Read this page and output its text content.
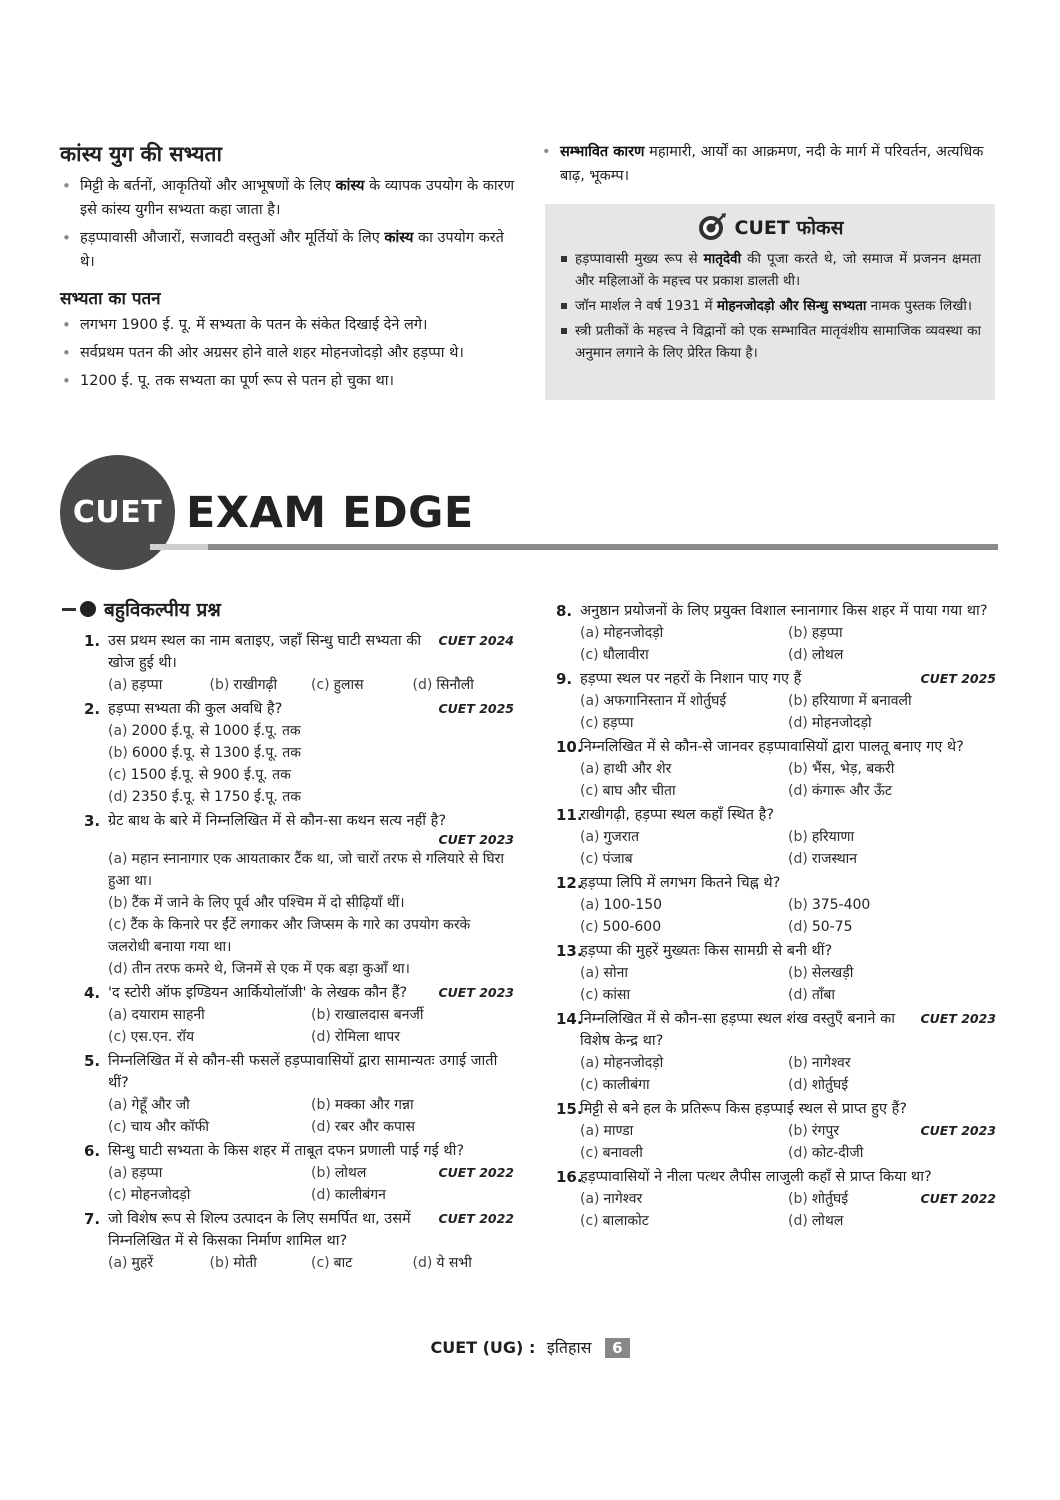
कांस्य युग की सभ्यता
• मिट्टी के बर्तनों, आकृतियों और आभूषणों के लिए कांस्य के व्यापक उपयोग के कारण इसे कांस्य युगीन सभ्यता कहा जाता है।
• हड़प्पावासी औजारों, सजावटी वस्तुओं और मूर्तियों के लिए कांस्य का उपयोग करते थे।
सभ्यता का पतन
• लगभग 1900 ई. पू. में सभ्यता के पतन के संकेत दिखाई देने लगे।
• सर्वप्रथम पतन की ओर अग्रसर होने वाले शहर मोहनजोदड़ो और हड़प्पा थे।
• 1200 ई. पू. तक सभ्यता का पूर्ण रूप से पतन हो चुका था।
• सम्भावित कारण महामारी, आर्यों का आक्रमण, नदी के मार्ग में परिवर्तन, अत्यधिक बाढ़, भूकम्प।
CUET फोकस
हड़प्पावासी मुख्य रूप से मातृदेवी की पूजा करते थे, जो समाज में प्रजनन क्षमता और महिलाओं के महत्त्व पर प्रकाश डालती थी।
जॉन मार्शल ने वर्ष 1931 में मोहनजोदड़ो और सिन्धु सभ्यता नामक पुस्तक लिखी।
स्त्री प्रतीकों के महत्त्व ने विद्वानों को एक सम्भावित मातृवंशीय सामाजिक व्यवस्था का अनुमान लगाने के लिए प्रेरित किया है।
CUET EXAM EDGE
बहुविकल्पीय प्रश्न
1.	CUET 2024
उस प्रथम स्थल का नाम बताइए, जहाँ सिन्धु घाटी सभ्यता की खोज हुई थी।
(a) हड़प्पा	(b) राखीगढ़ी	(c) हुलास	(d) सिनौली
2.	CUET 2025
हड़प्पा सभ्यता की कुल अवधि है?
(a) 2000 ई.पू. से 1000 ई.पू. तक
(b) 6000 ई.पू. से 1300 ई.पू. तक
(c) 1500 ई.पू. से 900 ई.पू. तक
(d) 2350 ई.पू. से 1750 ई.पू. तक
3. ग्रेट बाथ के बारे में निम्नलिखित में से कौन-सा कथन सत्य नहीं है?
CUET 2023
(a) महान स्नानागार एक आयताकार टैंक था, जो चारों तरफ से गलियारे से घिरा हुआ था।
(b) टैंक में जाने के लिए पूर्व और पश्चिम में दो सीढ़ियाँ थीं।
(c) टैंक के किनारे पर ईंटें लगाकर और जिप्सम के गारे का उपयोग करके जलरोधी बनाया गया था।
(d) तीन तरफ कमरे थे, जिनमें से एक में एक बड़ा कुआँ था।
4.	CUET 2023
'द स्टोरी ऑफ इण्डियन आर्कियोलॉजी' के लेखक कौन हैं?
(a) दयाराम साहनी	(b) राखालदास बनर्जी
(c) एस.एन. रॉय	(d) रोमिला थापर
5. निम्नलिखित में से कौन-सी फसलें हड़प्पावासियों द्वारा सामान्यतः उगाई जाती थीं?
(a) गेहूँ और जौ	(b) मक्का और गन्ना
(c) चाय और कॉफी	(d) रबर और कपास
6. सिन्धु घाटी सभ्यता के किस शहर में ताबूत दफन प्रणाली पाई गई थी?
(a) हड़प्पा	(b) लोथल	CUET 2022
(c) मोहनजोदड़ो	(d) कालीबंगन
7.	CUET 2022
जो विशेष रूप से शिल्प उत्पादन के लिए समर्पित था, उसमें निम्नलिखित में से किसका निर्माण शामिल था?
(a) मुहरें	(b) मोती	(c) बाट	(d) ये सभी
8. अनुष्ठान प्रयोजनों के लिए प्रयुक्त विशाल स्नानागार किस शहर में पाया गया था?
(a) मोहनजोदड़ो	(b) हड़प्पा
(c) धौलावीरा	(d) लोथल
9.	CUET 2025
हड़प्पा स्थल पर नहरों के निशान पाए गए हैं
(a) अफगानिस्तान में शोर्तुघई	(b) हरियाणा में बनावली
(c) हड़प्पा	(d) मोहनजोदड़ो
10.
निम्नलिखित में से कौन-से जानवर हड़प्पावासियों द्वारा पालतू बनाए गए थे?
(a) हाथी और शेर	(b) भैंस, भेड़, बकरी
(c) बाघ और चीता	(d) कंगारू और ऊँट
11.
राखीगढ़ी, हड़प्पा स्थल कहाँ स्थित है?
(a) गुजरात	(b) हरियाणा
(c) पंजाब	(d) राजस्थान
12.
हड़प्पा लिपि में लगभग कितने चिह्न थे?
(a) 100-150	(b) 375-400
(c) 500-600	(d) 50-75
13.
हड़प्पा की मुहरें मुख्यतः किस सामग्री से बनी थीं?
(a) सोना	(b) सेलखड़ी
(c) कांसा	(d) ताँबा
14.	CUET 2023
निम्नलिखित में से कौन-सा हड़प्पा स्थल शंख वस्तुएँ बनाने का विशेष केन्द्र था?
(a) मोहनजोदड़ो	(b) नागेश्वर
(c) कालीबंगा	(d) शोर्तुघई
15.
मिट्टी से बने हल के प्रतिरूप किस हड़प्पाई स्थल से प्राप्त हुए हैं?
(a) माण्डा	(b) रंगपुर	CUET 2023
(c) बनावली	(d) कोट-दीजी
16.
हड़प्पावासियों ने नीला पत्थर लैपीस लाजुली कहाँ से प्राप्त किया था?
(a) नागेश्वर	(b) शोर्तुघई	CUET 2022
(c) बालाकोट	(d) लोथल
CUET (UG) : इतिहास 6
